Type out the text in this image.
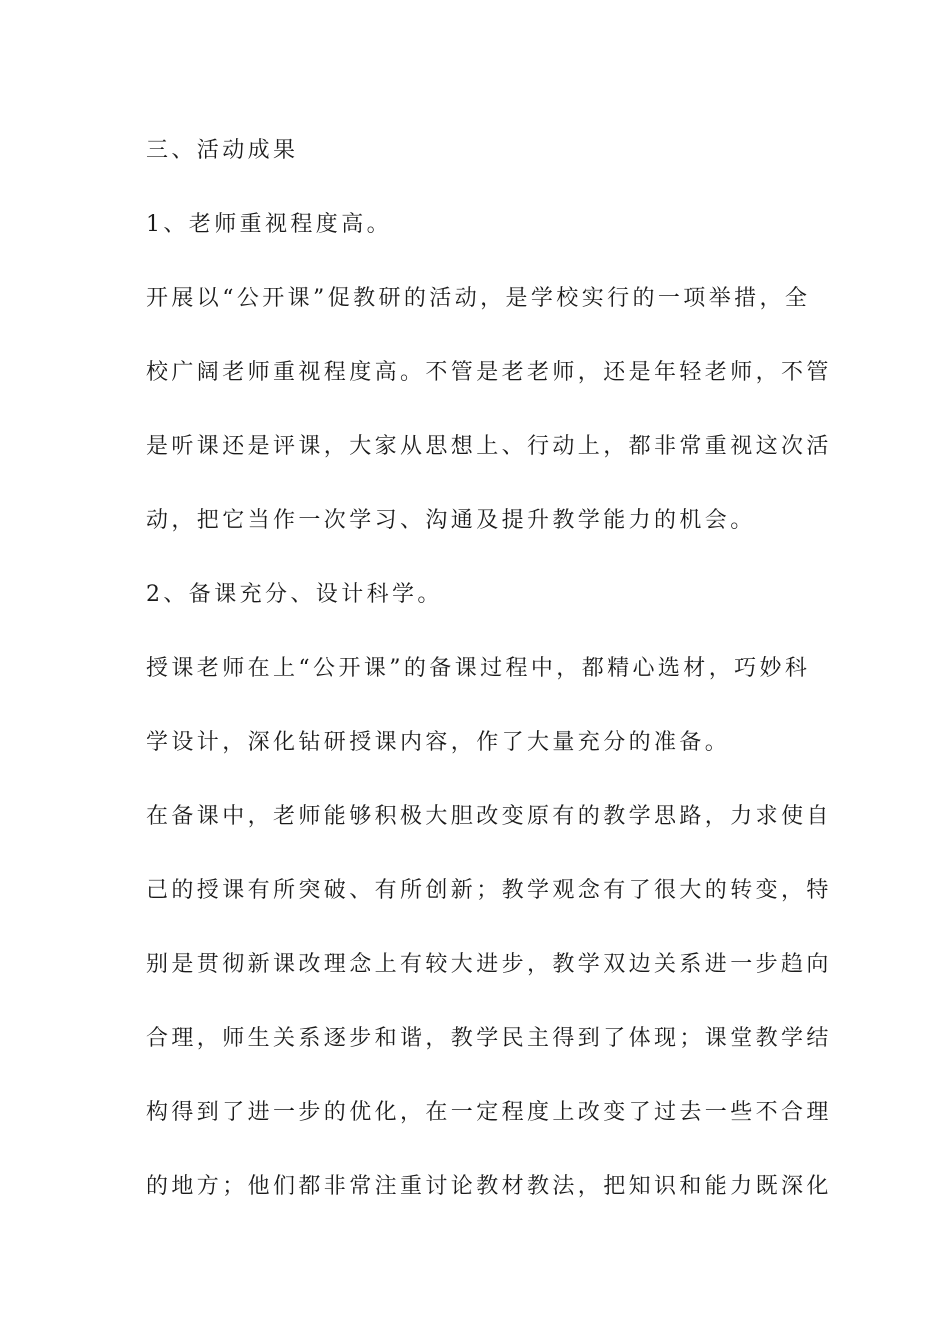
三、活动成果
1、老师重视程度高。
开展以“公开课”促教研的活动，是学校实行的一项举措，全
校广阔老师重视程度高。不管是老老师，还是年轻老师，不管
是听课还是评课，大家从思想上、行动上，都非常重视这次活
动，把它当作一次学习、沟通及提升教学能力的机会。
2、备课充分、设计科学。
授课老师在上“公开课”的备课过程中，都精心选材，巧妙科
学设计，深化钻研授课内容，作了大量充分的准备。
在备课中，老师能够积极大胆改变原有的教学思路，力求使自
己的授课有所突破、有所创新；教学观念有了很大的转变，特
别是贯彻新课改理念上有较大进步，教学双边关系进一步趋向
合理，师生关系逐步和谐，教学民主得到了体现；课堂教学结
构得到了进一步的优化，在一定程度上改变了过去一些不合理
的地方；他们都非常注重讨论教材教法，把知识和能力既深化
